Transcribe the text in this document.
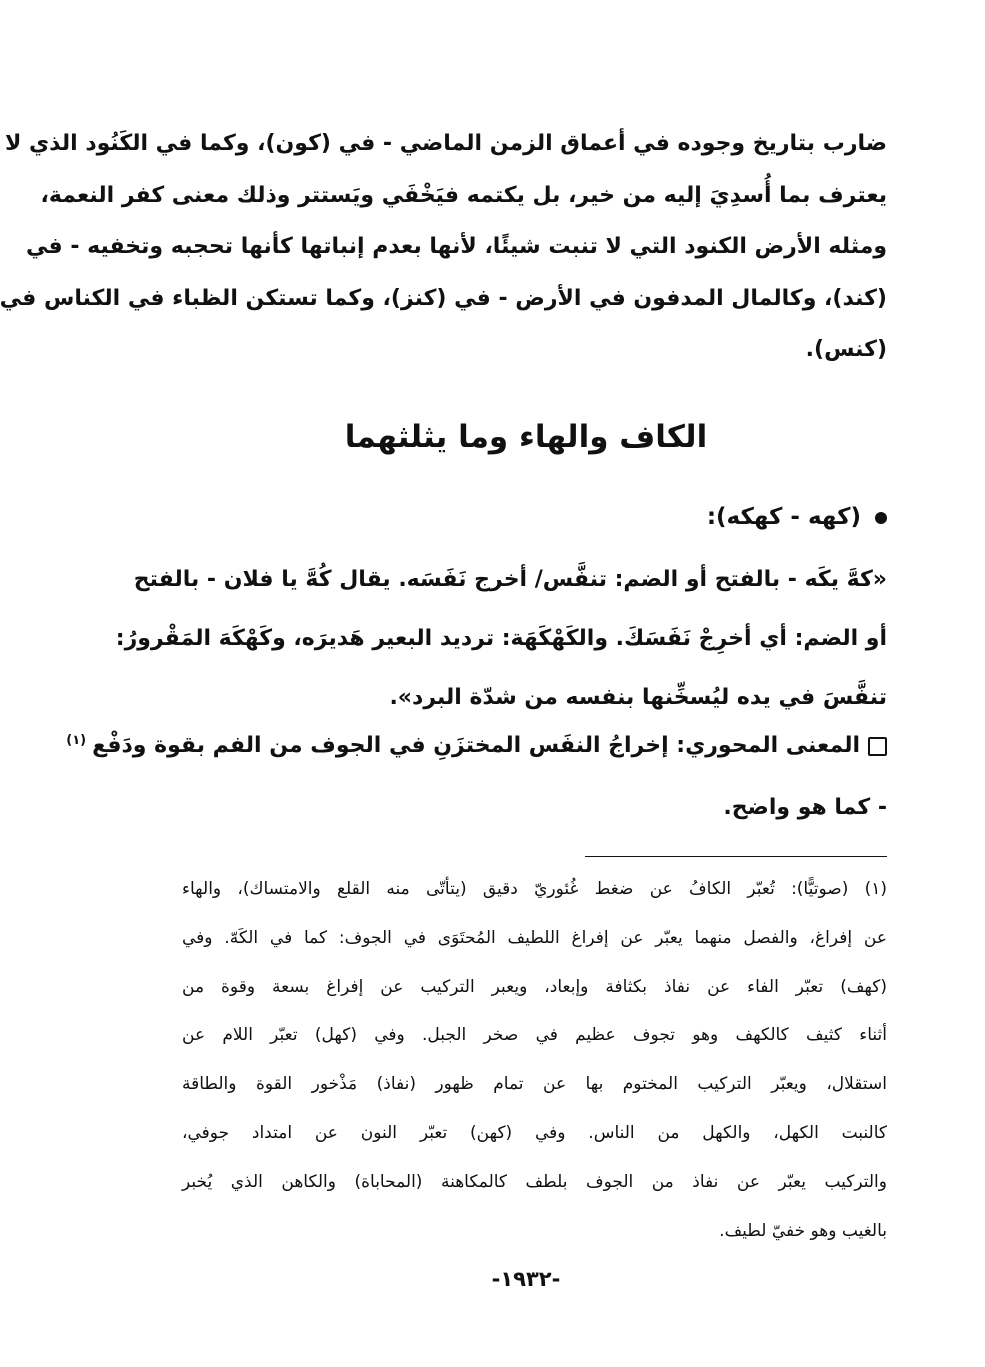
ضارب بتاريخ وجوده في أعماق الزمن الماضي - في (كون)، وكما في الكَنُود الذي لا
يعترف بما أُسدِيَ إليه من خير، بل يكتمه فيَخْفَي ويَستتر وذلك معنى كفر النعمة،
ومثله الأرض الكنود التي لا تنبت شيئًا، لأنها بعدم إنباتها كأنها تحجبه وتخفيه - في
(كند)، وكالمال المدفون في الأرض - في (كنز)، وكما تستكن الظباء في الكناس في
(كنس).
الكاف والهاء وما يثلثهما
(كهه - كهكه):
«كهَّ يكَه - بالفتح أو الضم: تنفَّس/ أخرج نَفَسَه. يقال كُهَّ يا فلان - بالفتح
أو الضم: أي أخرِجْ نَفَسَكَ. والكَهْكَهَة: ترديد البعير هَديرَه، وكَهْكَهَ المَقْرورُ:
تنفَّسَ في يده ليُسخِّنها بنفسه من شدّة البرد».
المعنى المحوري: إخراجُ النفَس المختزَنِ في الجوف من الفم بقوة ودَفْع$^{(١)}$
- كما هو واضح.
(١) (صوتيًّا): تُعبّر الكافُ عن ضغط غُئوريّ دقيق (يتأتّى منه القلع والامتساك)، والهاء
عن إفراغ، والفصل منهما يعبّر عن إفراغ اللطيف المُحتَوَى في الجوف: كما في الكَهّ. وفي
(كهف) تعبّر الفاء عن نفاذ بكثافة وإبعاد، ويعبر التركيب عن إفراغ بسعة وقوة من
أثناء كثيف كالكهف وهو تجوف عظيم في صخر الجبل. وفي (كهل) تعبّر اللام عن
استقلال، ويعبّر التركيب المختوم بها عن تمام ظهور (نفاذ) مَذْخور القوة والطاقة
كالنبت الكهل، والكهل من الناس. وفي (كهن) تعبّر النون عن امتداد جوفي،
والتركيب يعبّر عن نفاذ من الجوف بلطف كالمكاهنة (المحاباة) والكاهن الذي يُخبر
بالغيب وهو خفيّ لطيف.
-١٩٣٢-
